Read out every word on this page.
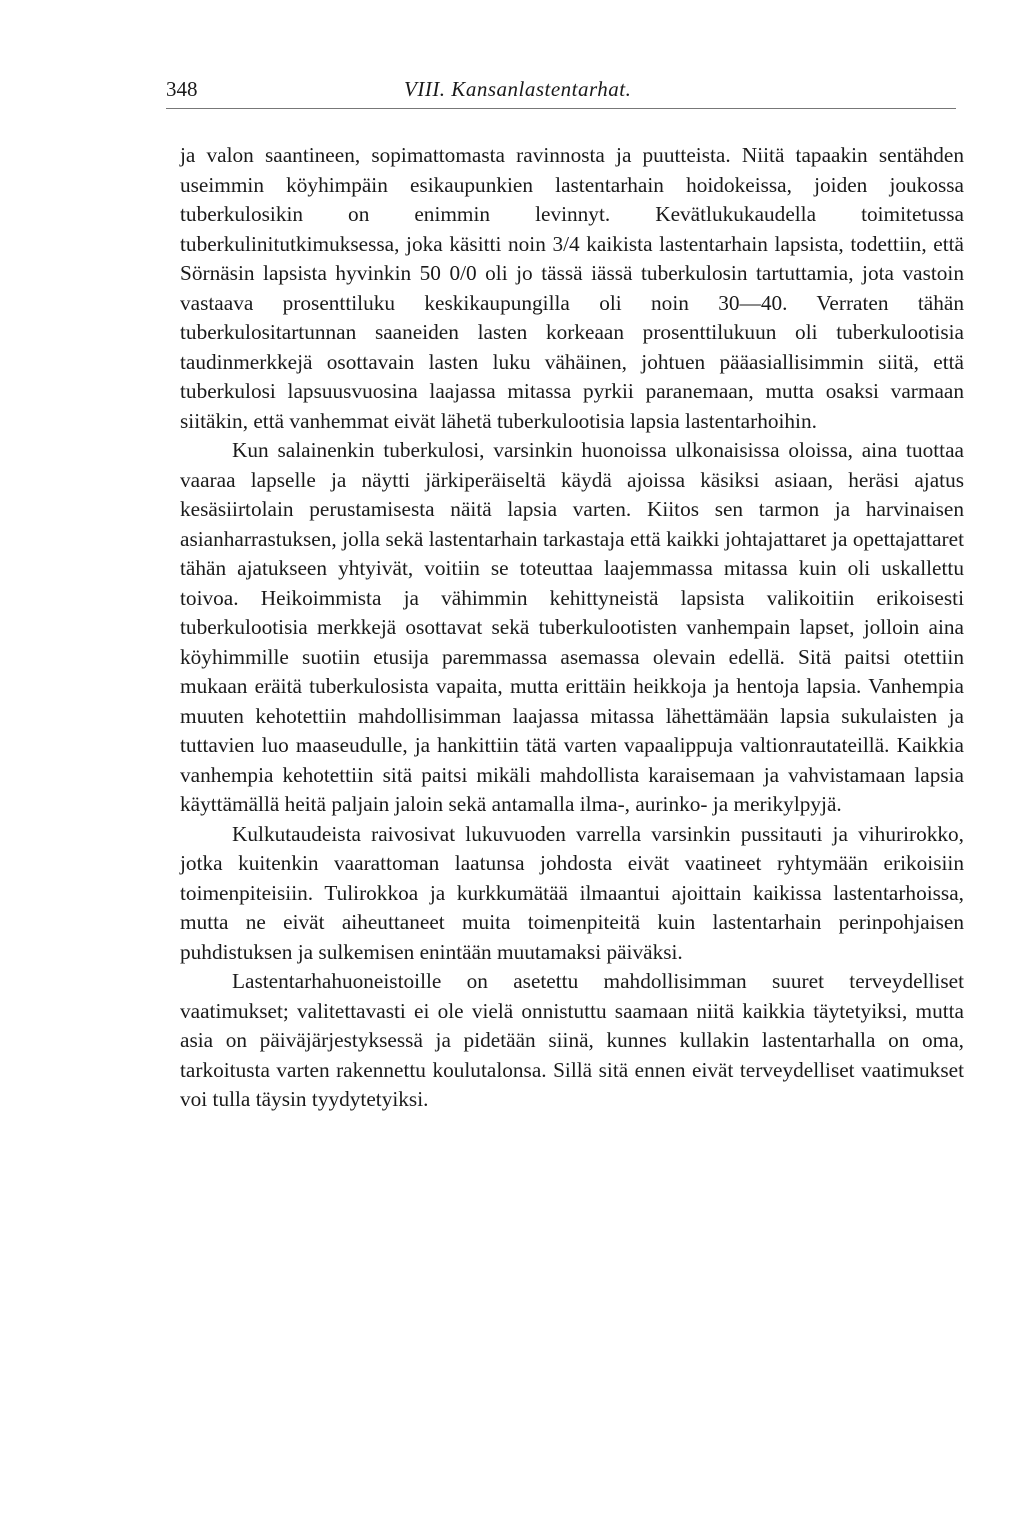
348	VIII. Kansanlastentarhat.

ja valon saantineen, sopimattomasta ravinnosta ja puutteista. Niitä tapaakin sentähden useimmin köyhimpäin esikaupunkien lastentarhain hoidokeissa, joiden joukossa tuberkulosikin on enimmin levinnyt. Kevätlukukaudella toimitetussa tuberkulinitutkimuksessa, joka käsitti noin 3/4 kaikista lastentarhain lapsista, todettiin, että Sörnäsin lapsista hyvinkin 50 0/0 oli jo tässä iässä tuberkulosin tartuttamia, jota vastoin vastaava prosenttiluku keskikaupungilla oli noin 30—40. Verraten tähän tuberkulositartunnan saaneiden lasten korkeaan prosenttilukuun oli tuberkulootisia taudinmerkkejä osottavain lasten luku vähäinen, johtuen pääasiallisimmin siitä, että tuberkulosi lapsuusvuosina laajassa mitassa pyrkii paranemaan, mutta osaksi varmaan siitäkin, että vanhemmat eivät lähetä tuberkulootisia lapsia lastentarhoihin.

Kun salainenkin tuberkulosi, varsinkin huonoissa ulkonaisissa oloissa, aina tuottaa vaaraa lapselle ja näytti järkiperäiseltä käydä ajoissa käsiksi asiaan, heräsi ajatus kesäsiirtolain perustamisesta näitä lapsia varten. Kiitos sen tarmon ja harvinaisen asianharrastuksen, jolla sekä lastentarhain tarkastaja että kaikki johtajattaret ja opettajattaret tähän ajatukseen yhtyivät, voitiin se toteuttaa laajemmassa mitassa kuin oli uskallettu toivoa. Heikoimmista ja vähimmin kehittyneistä lapsista valikoitiin erikoisesti tuberkulootisia merkkejä osottavat sekä tuberkulootisten vanhempain lapset, jolloin aina köyhimmille suotiin etusija paremmassa asemassa olevain edellä. Sitä paitsi otettiin mukaan eräitä tuberkulosista vapaita, mutta erittäin heikkoja ja hentoja lapsia. Vanhempia muuten kehotettiin mahdollisimman laajassa mitassa lähettämään lapsia sukulaisten ja tuttavien luo maaseudulle, ja hankittiin tätä varten vapaalippuja valtionrautateillä. Kaikkia vanhempia kehotettiin sitä paitsi mikäli mahdollista karaisemaan ja vahvistamaan lapsia käyttämällä heitä paljain jaloin sekä antamalla ilma-, aurinko- ja merikylpyjä.

Kulkutaudeista raivosivat lukuvuoden varrella varsinkin pussitauti ja vihurirokko, jotka kuitenkin vaarattoman laatunsa johdosta eivät vaatineet ryhtymään erikoisiin toimenpiteisiin. Tulirokkoa ja kurkkumätää ilmaantui ajoittain kaikissa lastentarhoissa, mutta ne eivät aiheuttaneet muita toimenpiteitä kuin lastentarhain perinpohjaisen puhdistuksen ja sulkemisen enintään muutamaksi päiväksi.

Lastentarhahuoneistoille on asetettu mahdollisimman suuret terveydelliset vaatimukset; valitettavasti ei ole vielä onnistuttu saamaan niitä kaikkia täytetyiksi, mutta asia on päiväjärjestyksessä ja pidetään siinä, kunnes kullakin lastentarhalla on oma, tarkoitusta varten rakennettu koulutalonsa. Sillä sitä ennen eivät terveydelliset vaatimukset voi tulla täysin tyydytetyiksi.
